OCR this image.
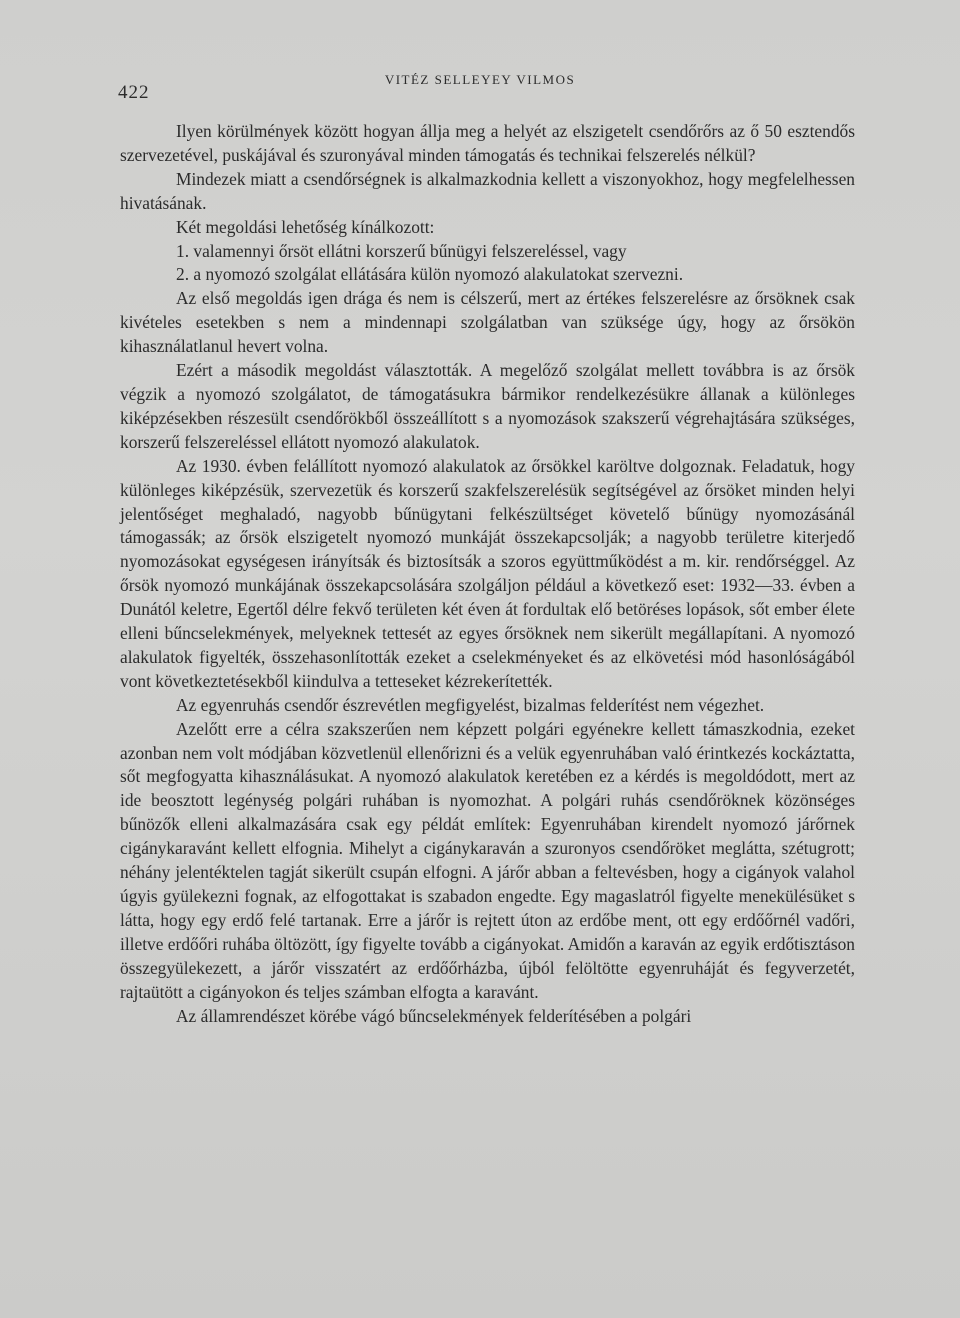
422
VITÉZ SELLEYEY VILMOS

Ilyen körülmények között hogyan állja meg a helyét az elszigetelt csendőrőrs az ő 50 esztendős szervezetével, puskájával és szuronyával minden támogatás és technikai felszerelés nélkül?

Mindezek miatt a csendőrségnek is alkalmazkodnia kellett a viszonyokhoz, hogy megfelelhessen hivatásának.

Két megoldási lehetőség kínálkozott:

1. valamennyi őrsöt ellátni korszerű bűnügyi felszereléssel, vagy

2. a nyomozó szolgálat ellátására külön nyomozó alakulatokat szervezni.

Az első megoldás igen drága és nem is célszerű, mert az értékes felszerelésre az őrsöknek csak kivételes esetekben s nem a mindennapi szolgálatban van szüksége úgy, hogy az őrsökön kihasználatlanul hevert volna.

Ezért a második megoldást választották. A megelőző szolgálat mellett továbbra is az őrsök végzik a nyomozó szolgálatot, de támogatásukra bármikor rendelkezésükre állanak a különleges kiképzésekben részesült csendőrökből összeállított s a nyomozások szakszerű végrehajtására szükséges, korszerű felszereléssel ellátott nyomozó alakulatok.

Az 1930. évben felállított nyomozó alakulatok az őrsökkel karöltve dolgoznak. Feladatuk, hogy különleges kiképzésük, szervezetük és korszerű szakfelszerelésük segítségével az őrsöket minden helyi jelentőséget meghaladó, nagyobb bűnügytani felkészültséget követelő bűnügy nyomozásánál támogassák; az őrsök elszigetelt nyomozó munkáját összekapcsolják; a nagyobb területre kiterjedő nyomozásokat egységesen irányítsák és biztosítsák a szoros együttműködést a m. kir. rendőrséggel. Az őrsök nyomozó munkájának összekapcsolására szolgáljon például a következő eset: 1932—33. évben a Dunától keletre, Egertől délre fekvő területen két éven át fordultak elő betöréses lopások, sőt ember élete elleni bűncselekmények, melyeknek tettesét az egyes őrsöknek nem sikerült megállapítani. A nyomozó alakulatok figyelték, összehasonlították ezeket a cselekményeket és az elkövetési mód hasonlóságából vont következtetésekből kiindulva a tetteseket kézrekerítették.

Az egyenruhás csendőr észrevétlen megfigyelést, bizalmas felderítést nem végezhet.

Azelőtt erre a célra szakszerűen nem képzett polgári egyénekre kellett támaszkodnia, ezeket azonban nem volt módjában közvetlenül ellenőrizni és a velük egyenruhában való érintkezés kockáztatta, sőt megfogyatta kihasználásukat. A nyomozó alakulatok keretében ez a kérdés is megoldódott, mert az ide beosztott legénység polgári ruhában is nyomozhat. A polgári ruhás csendőröknek közönséges bűnözők elleni alkalmazására csak egy példát említek: Egyenruhában kirendelt nyomozó járőrnek cigánykaravánt kellett elfognia. Mihelyt a cigánykaraván a szuronyos csendőröket meglátta, szétugrott; néhány jelentéktelen tagját sikerült csupán elfogni. A járőr abban a feltevésben, hogy a cigányok valahol úgyis gyülekezni fognak, az elfogottakat is szabadon engedte. Egy magaslatról figyelte menekülésüket s látta, hogy egy erdő felé tartanak. Erre a járőr is rejtett úton az erdőbe ment, ott egy erdőőrnél vadőri, illetve erdőőri ruhába öltözött, így figyelte tovább a cigányokat. Amidőn a karaván az egyik erdőtisztáson összegyülekezett, a járőr visszatért az erdőőrházba, újból felöltötte egyenruháját és fegyverzetét, rajtaütött a cigányokon és teljes számban elfogta a karavánt.

Az államrendészet körébe vágó bűncselekmények felderítésében a polgári
